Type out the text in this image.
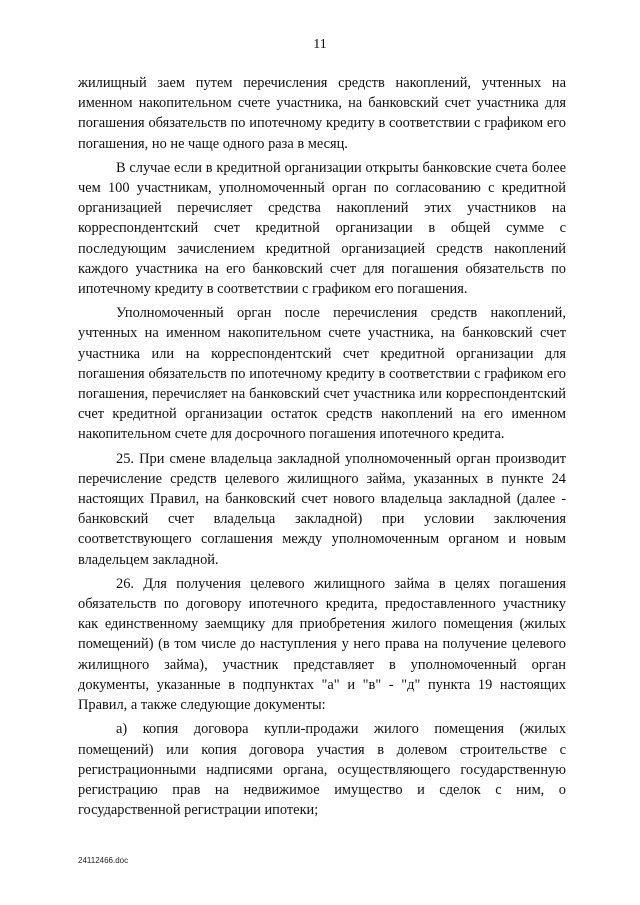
11

жилищный заем путем перечисления средств накоплений, учтенных на именном накопительном счете участника, на банковский счет участника для погашения обязательств по ипотечному кредиту в соответствии с графиком его погашения, но не чаще одного раза в месяц.

В случае если в кредитной организации открыты банковские счета более чем 100 участникам, уполномоченный орган по согласованию с кредитной организацией перечисляет средства накоплений этих участников на корреспондентский счет кредитной организации в общей сумме с последующим зачислением кредитной организацией средств накоплений каждого участника на его банковский счет для погашения обязательств по ипотечному кредиту в соответствии с графиком его погашения.

Уполномоченный орган после перечисления средств накоплений, учтенных на именном накопительном счете участника, на банковский счет участника или на корреспондентский счет кредитной организации для погашения обязательств по ипотечному кредиту в соответствии с графиком его погашения, перечисляет на банковский счет участника или корреспондентский счет кредитной организации остаток средств накоплений на его именном накопительном счете для досрочного погашения ипотечного кредита.

25. При смене владельца закладной уполномоченный орган производит перечисление средств целевого жилищного займа, указанных в пункте 24 настоящих Правил, на банковский счет нового владельца закладной (далее - банковский счет владельца закладной) при условии заключения соответствующего соглашения между уполномоченным органом и новым владельцем закладной.

26. Для получения целевого жилищного займа в целях погашения обязательств по договору ипотечного кредита, предоставленного участнику как единственному заемщику для приобретения жилого помещения (жилых помещений) (в том числе до наступления у него права на получение целевого жилищного займа), участник представляет в уполномоченный орган документы, указанные в подпунктах "а" и "в" - "д" пункта 19 настоящих Правил, а также следующие документы:

а) копия договора купли-продажи жилого помещения (жилых помещений) или копия договора участия в долевом строительстве с регистрационными надписями органа, осуществляющего государственную регистрацию прав на недвижимое имущество и сделок с ним, о государственной регистрации ипотеки;

24112466.doc
